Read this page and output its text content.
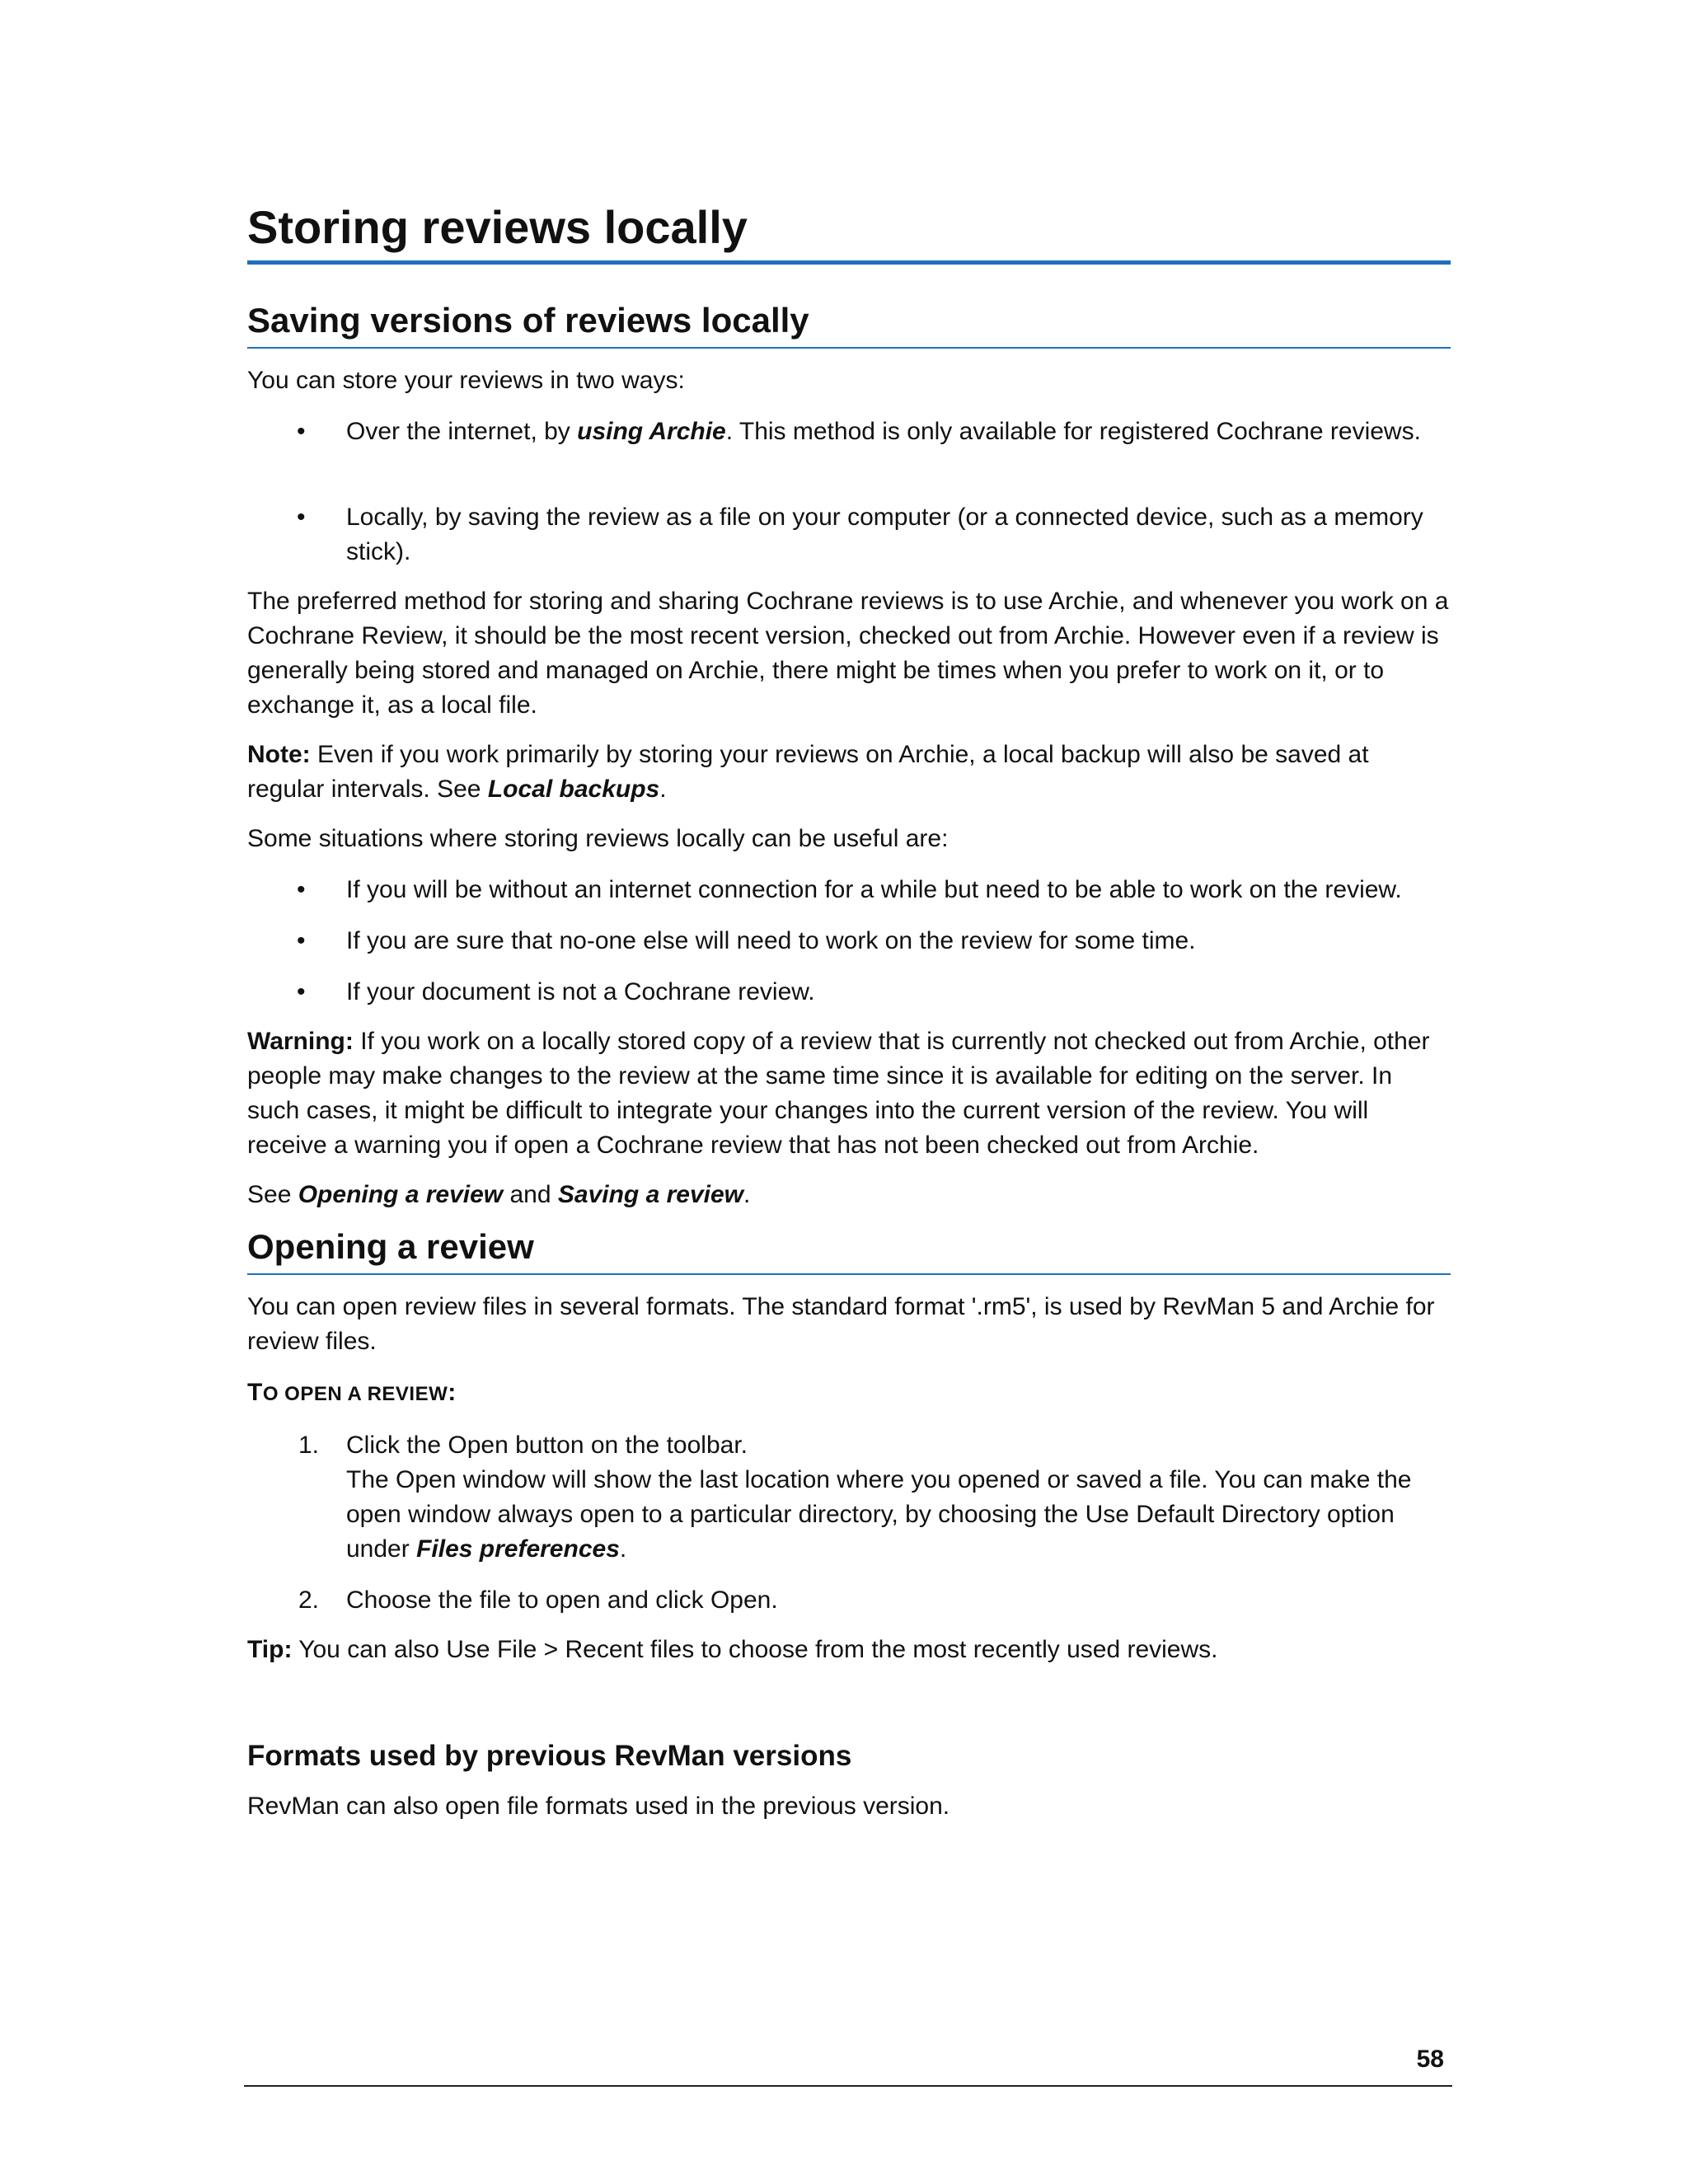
Storing reviews locally
Saving versions of reviews locally

You can store your reviews in two ways:

• Over the internet, by using Archie. This method is only available for registered Cochrane reviews.
• Locally, by saving the review as a file on your computer (or a connected device, such as a memory stick).

The preferred method for storing and sharing Cochrane reviews is to use Archie, and whenever you work on a Cochrane Review, it should be the most recent version, checked out from Archie. However even if a review is generally being stored and managed on Archie, there might be times when you prefer to work on it, or to exchange it, as a local file.

Note: Even if you work primarily by storing your reviews on Archie, a local backup will also be saved at regular intervals. See Local backups.

Some situations where storing reviews locally can be useful are:

• If you will be without an internet connection for a while but need to be able to work on the review.
• If you are sure that no-one else will need to work on the review for some time.
• If your document is not a Cochrane review.

Warning: If you work on a locally stored copy of a review that is currently not checked out from Archie, other people may make changes to the review at the same time since it is available for editing on the server. In such cases, it might be difficult to integrate your changes into the current version of the review. You will receive a warning you if open a Cochrane review that has not been checked out from Archie.

See Opening a review and Saving a review.

Opening a review

You can open review files in several formats. The standard format '.rm5', is used by RevMan 5 and Archie for review files.

TO OPEN A REVIEW:

1. Click the Open button on the toolbar.
The Open window will show the last location where you opened or saved a file. You can make the open window always open to a particular directory, by choosing the Use Default Directory option under Files preferences.
2. Choose the file to open and click Open.

Tip: You can also Use File > Recent files to choose from the most recently used reviews.

Formats used by previous RevMan versions

RevMan can also open file formats used in the previous version.

58
